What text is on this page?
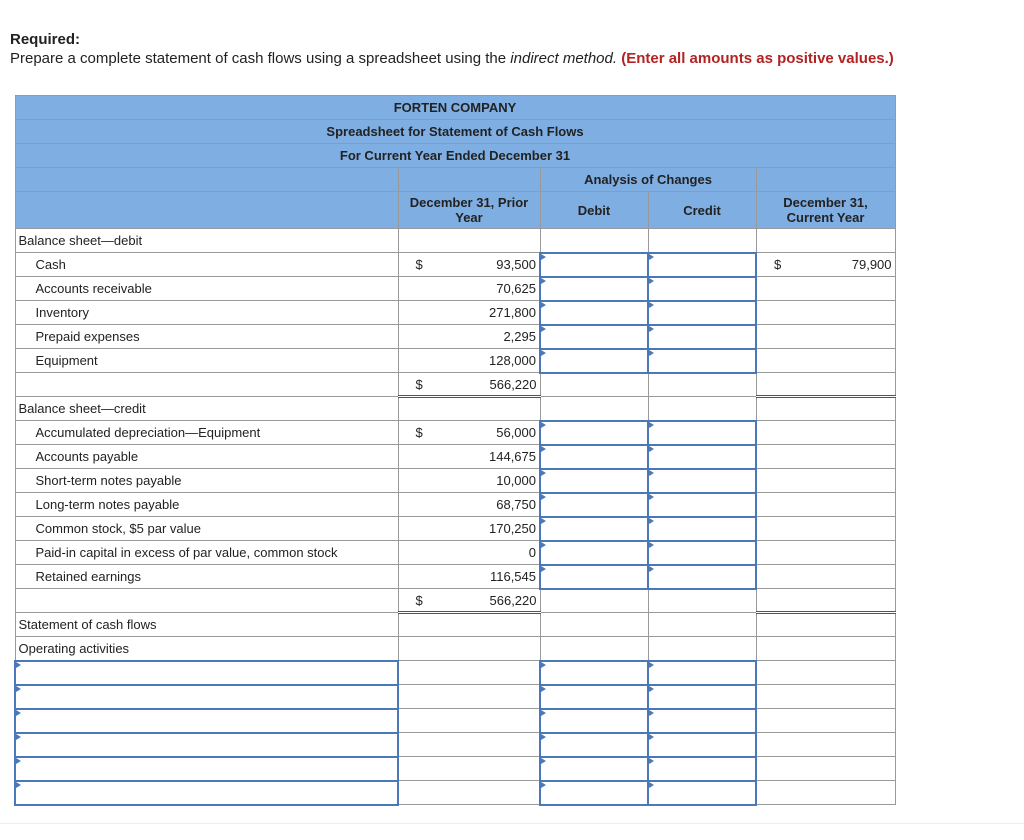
Required:
Prepare a complete statement of cash flows using a spreadsheet using the indirect method. (Enter all amounts as positive values.)
FORTEN COMPANY				
Spreadsheet for Statement of Cash Flows				
For Current Year Ended December 31				
		Analysis of Changes		
	December 31, Prior Year	Debit	Credit	December 31, Current Year
Balance sheet—debit				
Cash	$ 93,500			$ 79,900

Accounts receivable	70,625

Inventory	271,800

Prepaid expenses	2,295

Equipment	128,000

	$ 566,220			

Balance sheet—credit				
Accumulated depreciation—Equipment	$ 56,000

Accounts payable	144,675

Short-term notes payable	10,000

Long-term notes payable	68,750

Common stock, $5 par value	170,250

Paid-in capital in excess of par value, common stock	0

Retained earnings	116,545

	$ 566,220			

Statement of cash flows				
Operating activities				
